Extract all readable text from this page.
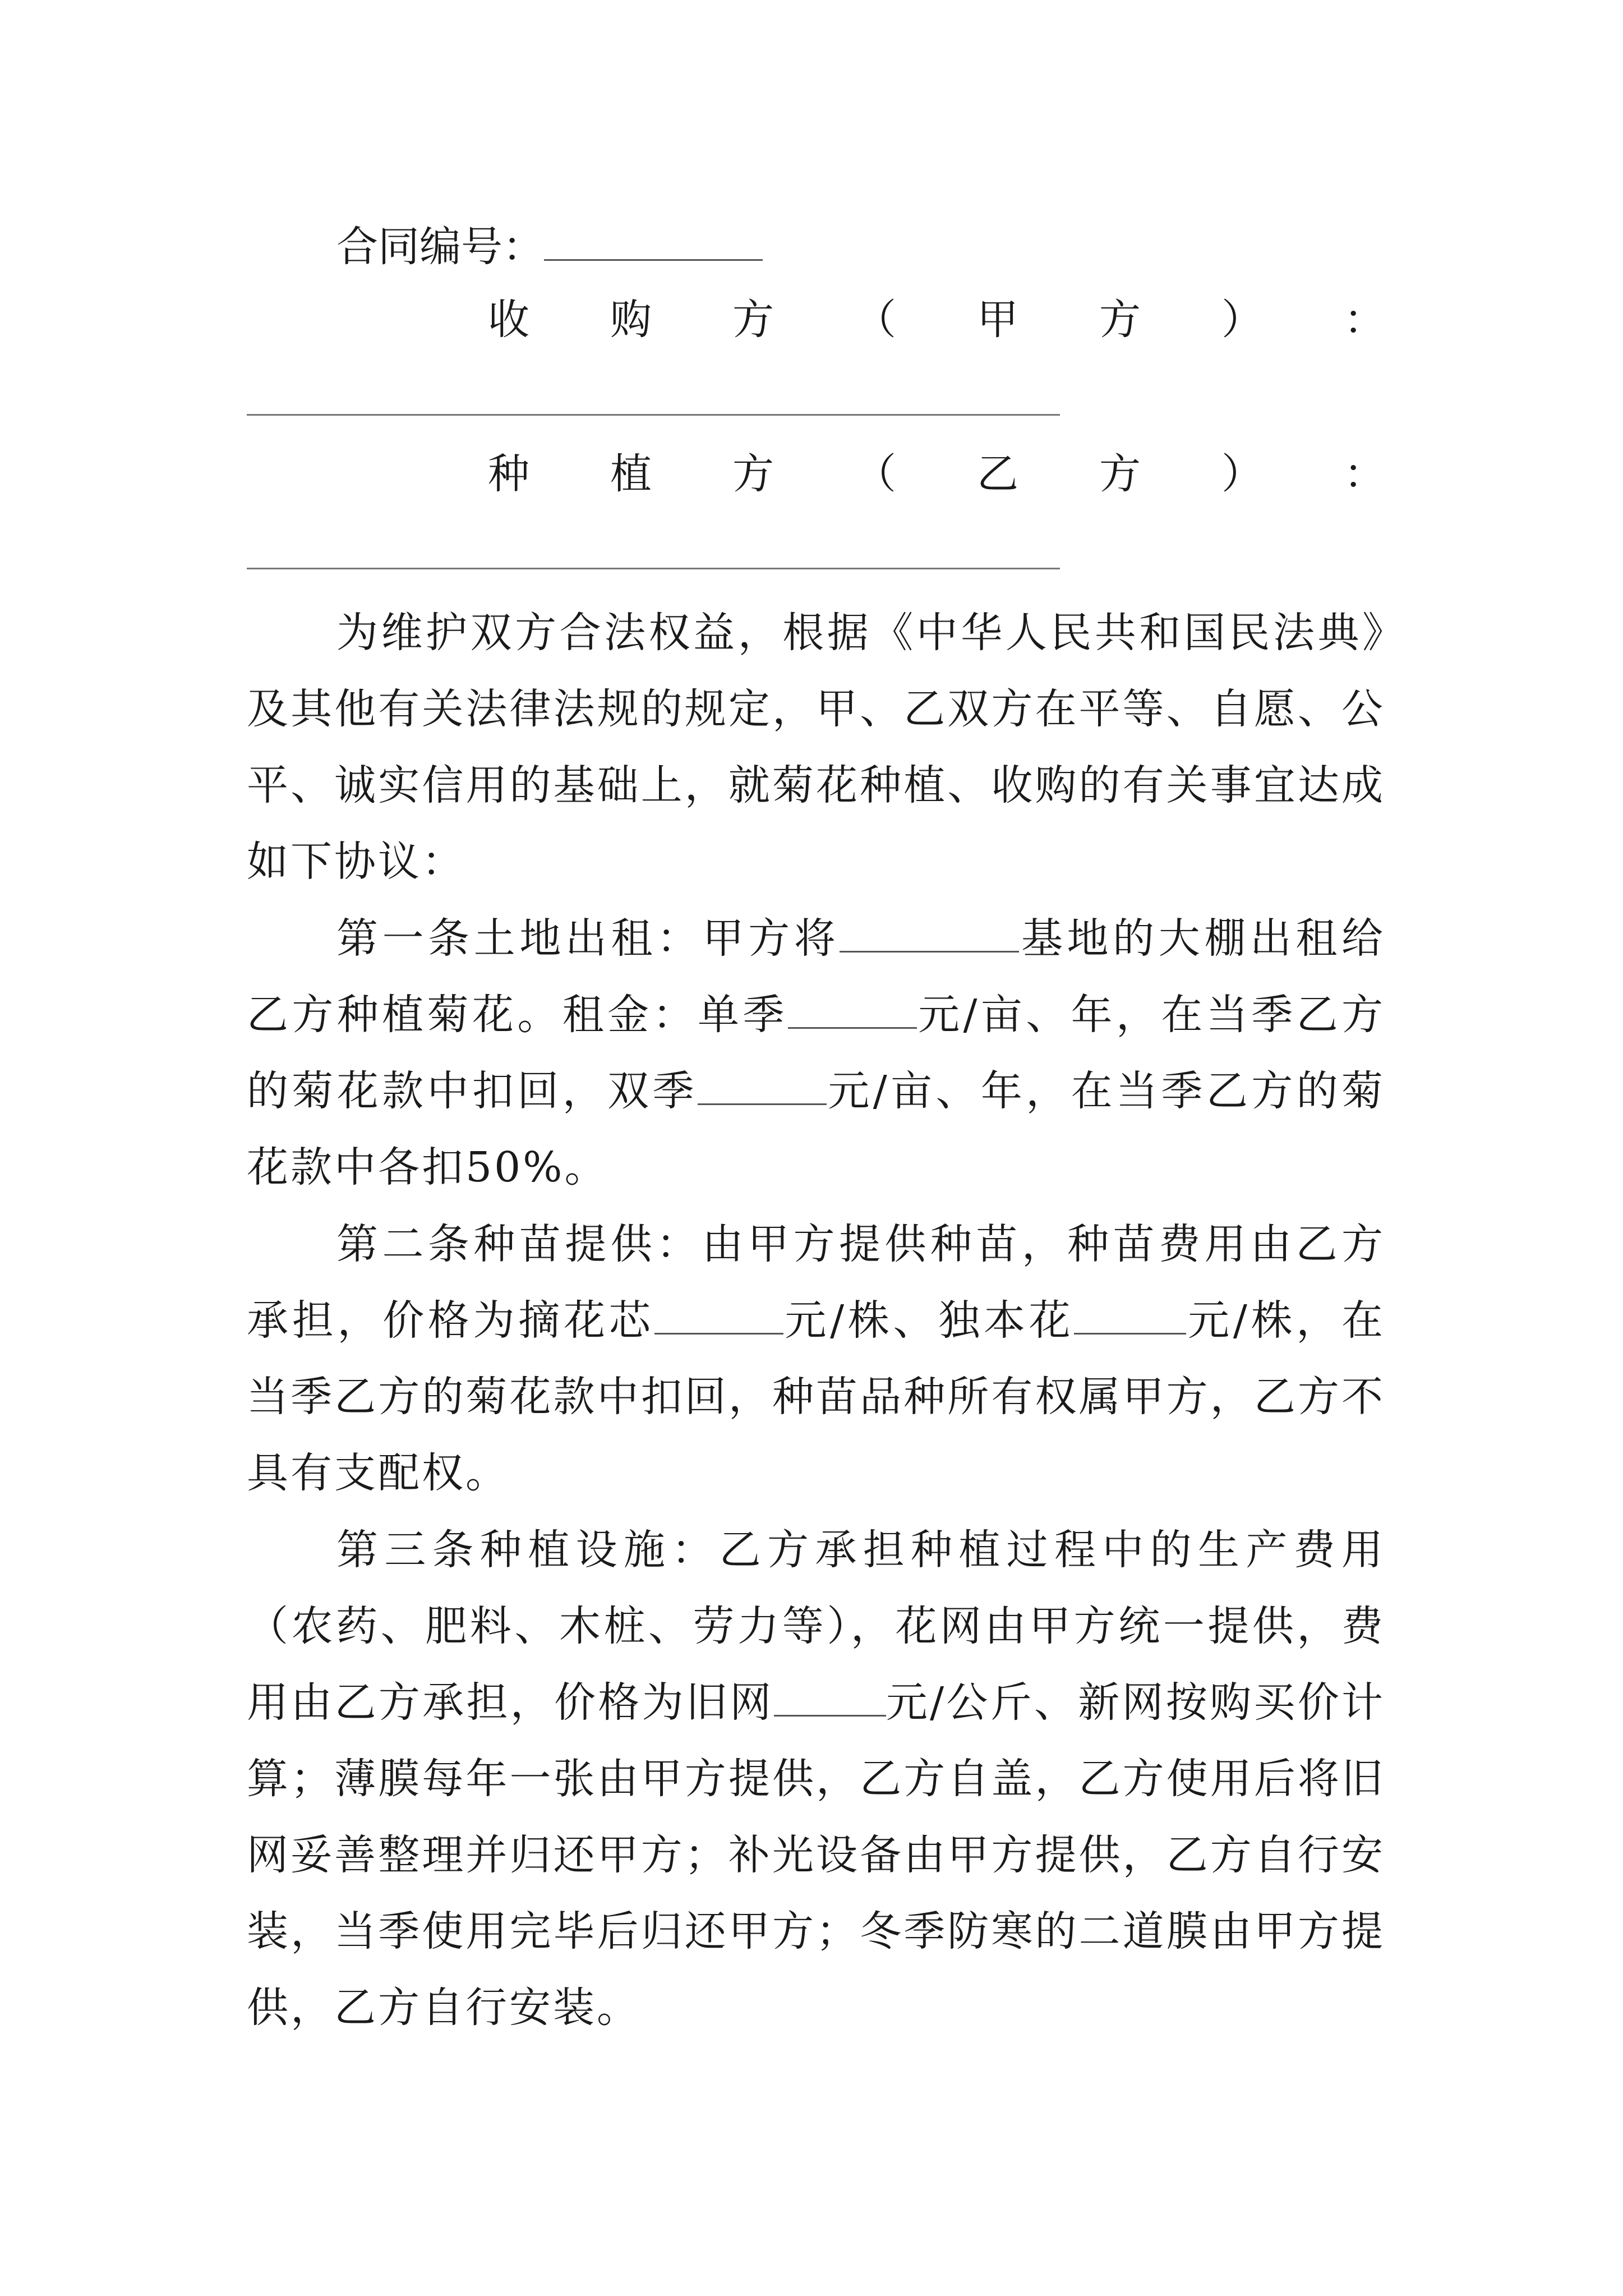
合同编号：
收 购 方 （ 甲 方 ） ：
种 植 方 （ 乙 方 ） ：

为维护双方合法权益，根据《中华人民共和国民法典》及其他有关法律法规的规定，甲、乙双方在平等、自愿、公平、诚实信用的基础上，就菊花种植、收购的有关事宜达成如下协议：

第一条土地出租：甲方将	基地的大棚出租给乙方种植菊花。租金：单季	元/亩、年，在当季乙方的菊花款中扣回，双季	元/亩、年，在当季乙方的菊花款中各扣50%。

第二条种苗提供：由甲方提供种苗，种苗费用由乙方承担，价格为摘花芯	元/株、独本花	元/株，在当季乙方的菊花款中扣回，种苗品种所有权属甲方，乙方不具有支配权。

第三条种植设施：乙方承担种植过程中的生产费用（农药、肥料、木桩、劳力等），花网由甲方统一提供，费用由乙方承担，价格为旧网	元/公斤、新网按购买价计算；薄膜每年一张由甲方提供，乙方自盖，乙方使用后将旧网妥善整理并归还甲方；补光设备由甲方提供，乙方自行安装，当季使用完毕后归还甲方；冬季防寒的二道膜由甲方提供，乙方自行安装。
